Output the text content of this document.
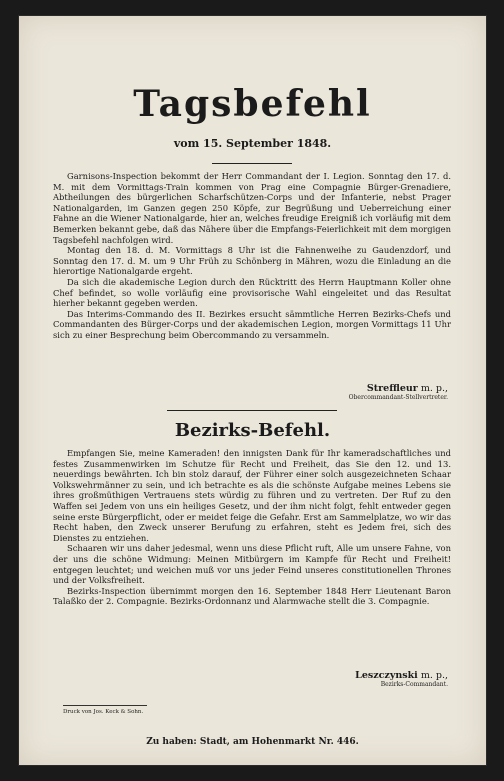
Tagsbefehl
vom 15. September 1848.

Garnisons-Inspection bekommt der Herr Commandant der I. Legion. Sonntag den 17. d. M. mit dem Vormittags-Train kommen von Prag eine Compagnie Bürger-Grenadiere, Abtheilungen des bürgerlichen Scharfschützen-Corps und der Infanterie, nebst Prager Nationalgarden, im Ganzen gegen 250 Köpfe, zur Begrüßung und Ueberreichung einer Fahne an die Wiener Nationalgarde, hier an, welches freudige Ereigniß ich vorläufig mit dem Bemerken bekannt gebe, daß das Nähere über die Empfangs-Feierlichkeit mit dem morgigen Tagsbefehl nachfolgen wird.

Montag den 18. d. M. Vormittags 8 Uhr ist die Fahnenweihe zu Gaudenzdorf, und Sonntag den 17. d. M. um 9 Uhr Früh zu Schönberg in Mähren, wozu die Einladung an die hierortige Nationalgarde ergeht.

Da sich die akademische Legion durch den Rücktritt des Herrn Hauptmann Koller ohne Chef befindet, so wolle vorläufig eine provisorische Wahl eingeleitet und das Resultat hierher bekannt gegeben werden.

Das Interims-Commando des II. Bezirkes ersucht sämmtliche Herren Bezirks-Chefs und Commandanten des Bürger-Corps und der akademischen Legion, morgen Vormittags 11 Uhr sich zu einer Besprechung beim Obercommando zu versammeln.

Streffleur m. p.,
Obercommandant-Stellvertreter.
Bezirks-Befehl.

Empfangen Sie, meine Kameraden! den innigsten Dank für Ihr kameradschaftliches und festes Zusammenwirken im Schutze für Recht und Freiheit, das Sie den 12. und 13. neuerdings bewährten. Ich bin stolz darauf, der Führer einer solch ausgezeichneten Schaar Volkswehrmänner zu sein, und ich betrachte es als die schönste Aufgabe meines Lebens sie ihres großmüthigen Vertrauens stets würdig zu führen und zu vertreten. Der Ruf zu den Waffen sei Jedem von uns ein heiliges Gesetz, und der ihm nicht folgt, fehlt entweder gegen seine erste Bürgerpflicht, oder er meidet feige die Gefahr. Erst am Sammelplatze, wo wir das Recht haben, den Zweck unserer Berufung zu erfahren, steht es Jedem frei, sich des Dienstes zu entziehen.

Schaaren wir uns daher jedesmal, wenn uns diese Pflicht ruft, Alle um unsere Fahne, von der uns die schöne Widmung: Meinen Mitbürgern im Kampfe für Recht und Freiheit! entgegen leuchtet; und weichen muß vor uns jeder Feind unseres constitutionellen Thrones und der Volksfreiheit.

Bezirks-Inspection übernimmt morgen den 16. September 1848 Herr Lieutenant Baron Talaßko der 2. Compagnie. Bezirks-Ordonnanz und Alarmwache stellt die 3. Compagnie.

Leszczynski m. p.,
Bezirks-Commandant.
Druck von Jos. Keck & Sohn.
Zu haben: Stadt, am Hohenmarkt Nr. 446.
